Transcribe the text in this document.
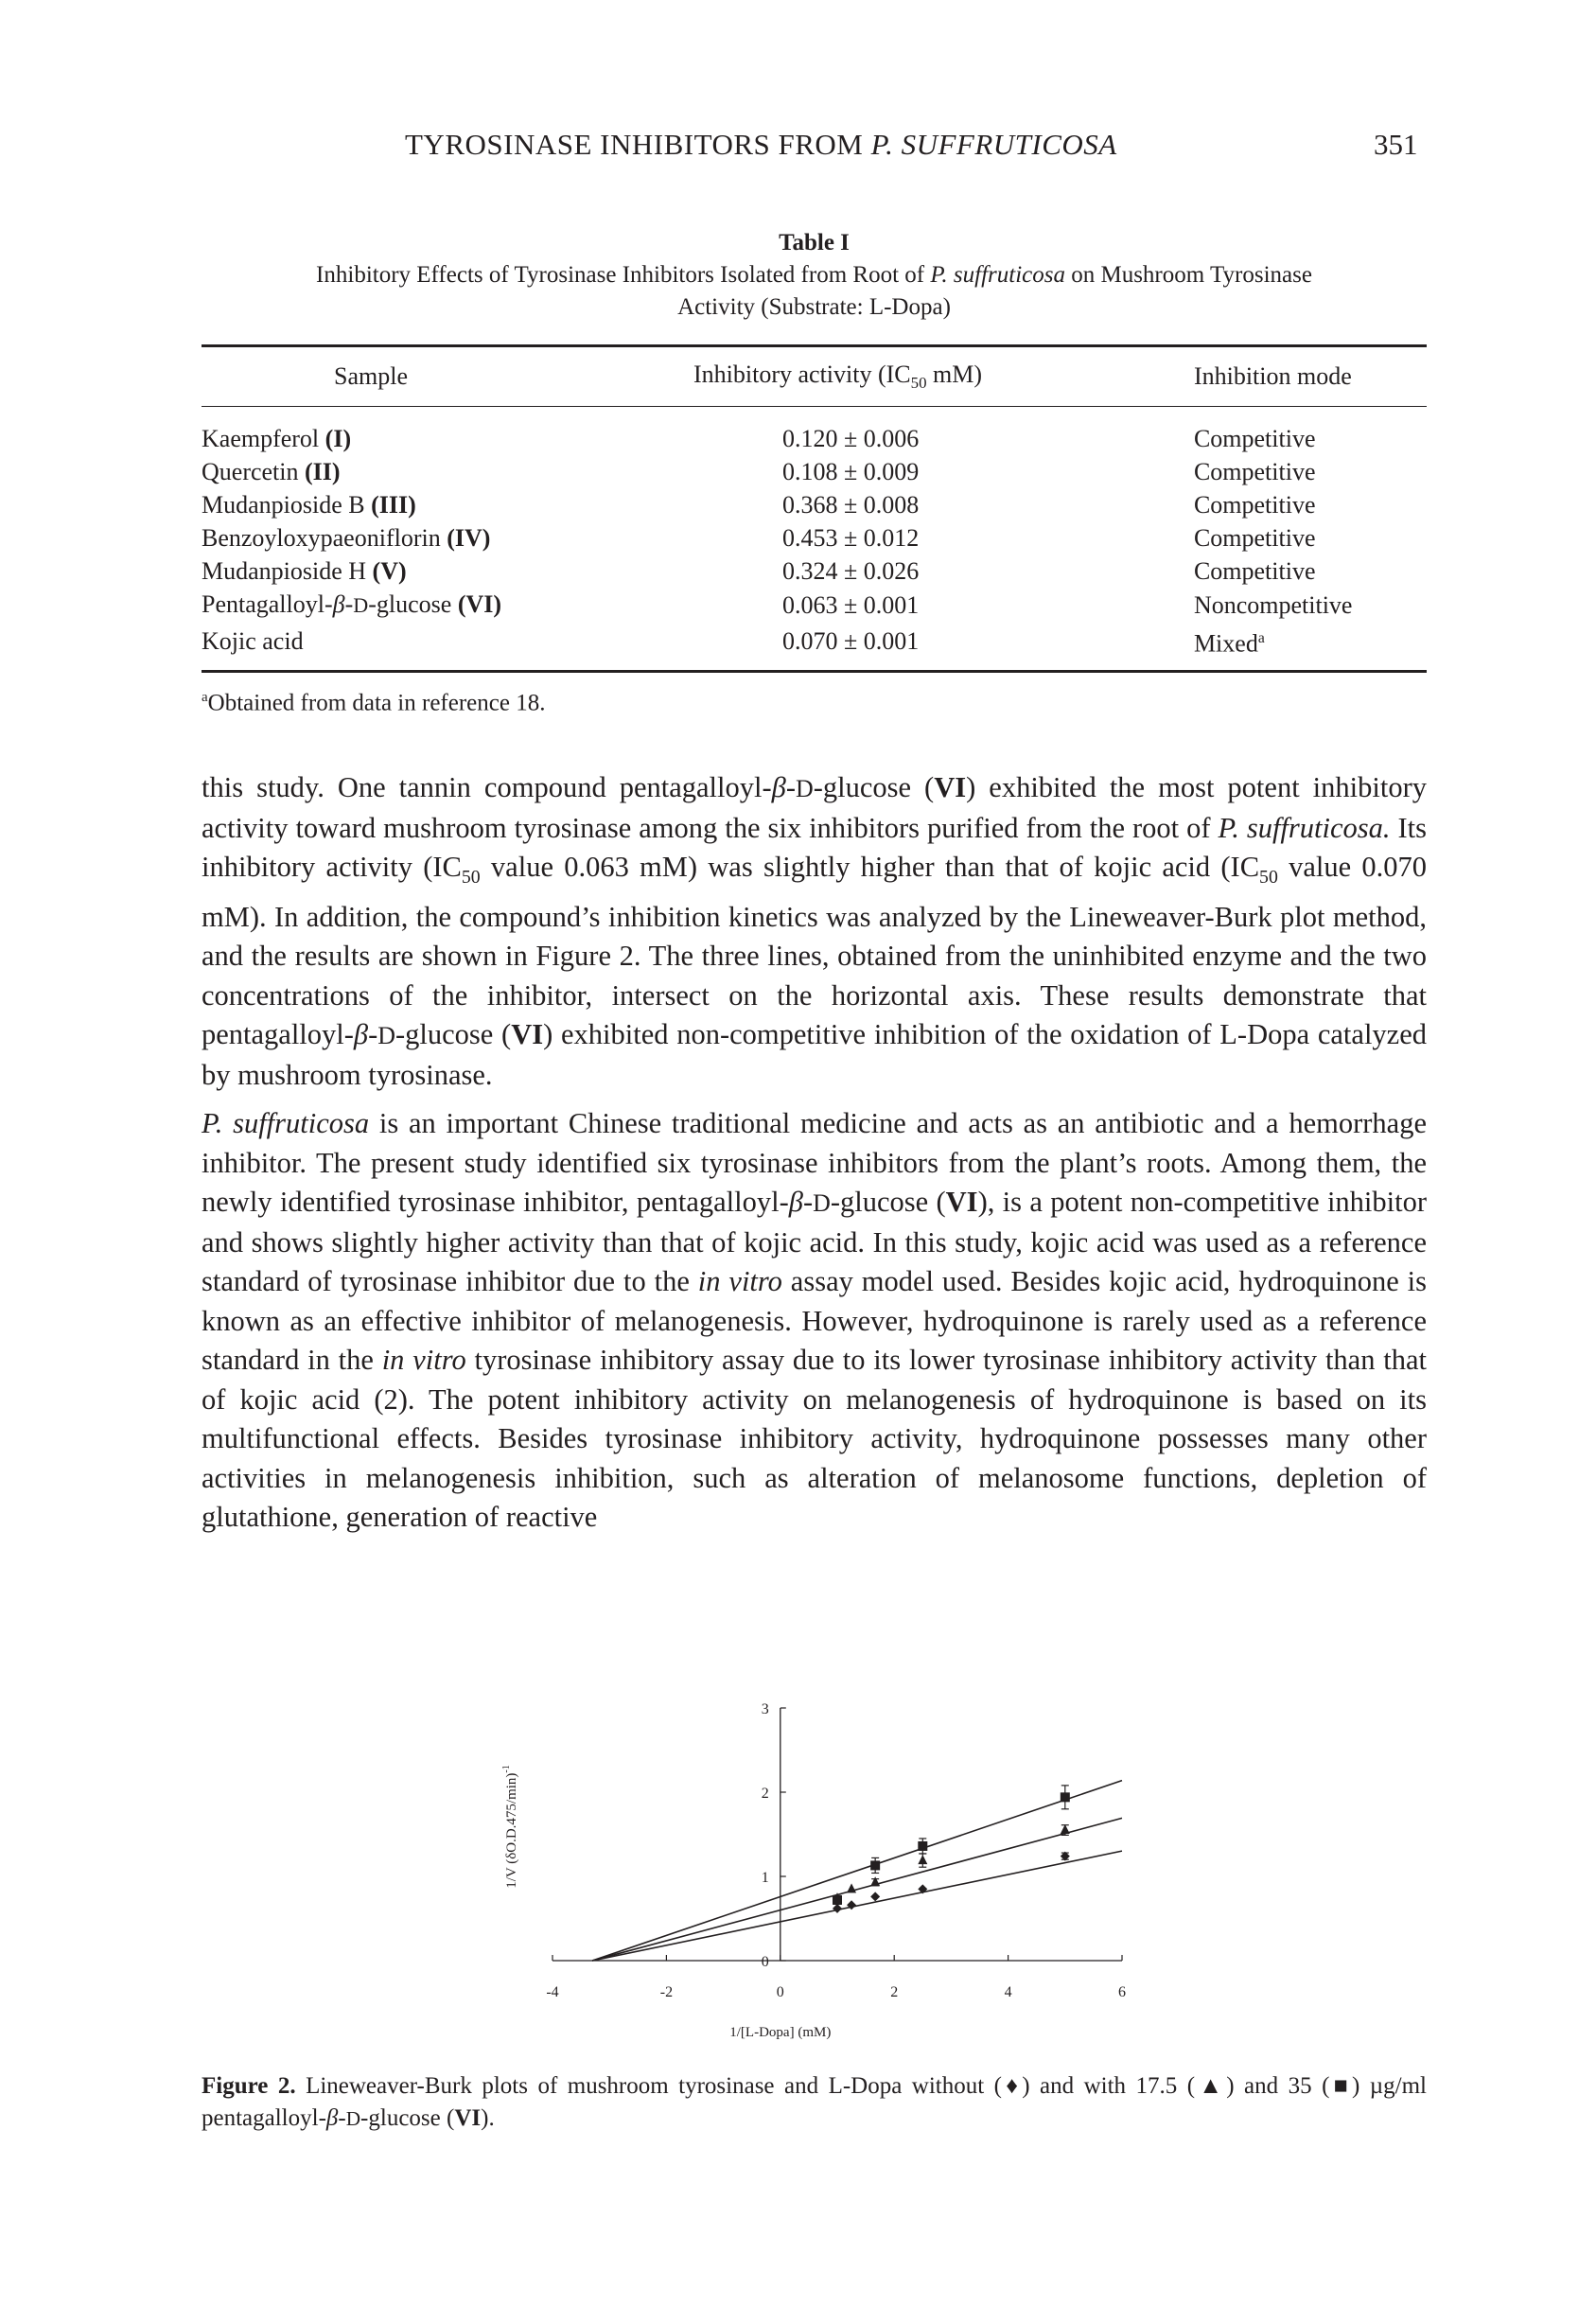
TYROSINASE INHIBITORS FROM P. SUFFRUTICOSA	351
Table I
Inhibitory Effects of Tyrosinase Inhibitors Isolated from Root of P. suffruticosa on Mushroom Tyrosinase
Activity (Substrate: L-Dopa)
Sample	Inhibitory activity ($IC_{50}$ mM)	Inhibition mode
Kaempferol (I)	0.120 ± 0.006	Competitive
Quercetin (II)	0.108 ± 0.009	Competitive
Mudanpioside B (III)	0.368 ± 0.008	Competitive
Benzoyloxypaeoniflorin (IV)	0.453 ± 0.012	Competitive
Mudanpioside H (V)	0.324 ± 0.026	Competitive
Pentagalloyl-β-D-glucose (VI)	0.063 ± 0.001	Noncompetitive
Kojic acid	0.070 ± 0.001	Mixed$^a$
$^a$Obtained from data in reference 18.

this study. One tannin compound pentagalloyl-β-D-glucose (VI) exhibited the most potent inhibitory activity toward mushroom tyrosinase among the six inhibitors purified from the root of P. suffruticosa. Its inhibitory activity ($IC_{50}$ value 0.063 mM) was slightly higher than that of kojic acid ($IC_{50}$ value 0.070 mM). In addition, the compound’s inhibition kinetics was analyzed by the Lineweaver-Burk plot method, and the results are shown in Figure 2. The three lines, obtained from the uninhibited enzyme and the two concentrations of the inhibitor, intersect on the horizontal axis. These results demonstrate that pentagalloyl-β-D-glucose (VI) exhibited non-competitive inhibition of the oxidation of L-Dopa catalyzed by mushroom tyrosinase.

P. suffruticosa is an important Chinese traditional medicine and acts as an antibiotic and a hemorrhage inhibitor. The present study identified six tyrosinase inhibitors from the plant’s roots. Among them, the newly identified tyrosinase inhibitor, pentagalloyl-β-D-glucose (VI), is a potent non-competitive inhibitor and shows slightly higher activity than that of kojic acid. In this study, kojic acid was used as a reference standard of tyrosinase inhibitor due to the in vitro assay model used. Besides kojic acid, hydroquinone is known as an effective inhibitor of melanogenesis. However, hydroquinone is rarely used as a reference standard in the in vitro tyrosinase inhibitory assay due to its lower tyrosinase inhibitory activity than that of kojic acid (2). The potent inhibitory activity on melanogenesis of hydroquinone is based on its multifunctional effects. Besides tyrosinase inhibitory activity, hydroquinone possesses many other activities in melanogenesis inhibition, such as alteration of melanosome functions, depletion of glutathione, generation of reactive

-4	-2	0	2	4	6
0
1
2
3
1/[L-Dopa] (mM)
1/V $(\delta O.D.475/\min)^{-1}$
Figure 2. Lineweaver-Burk plots of mushroom tyrosinase and L-Dopa without (♦) and with 17.5 (▲) and 35 (■) µg/ml pentagalloyl-β-D-glucose (VI).
